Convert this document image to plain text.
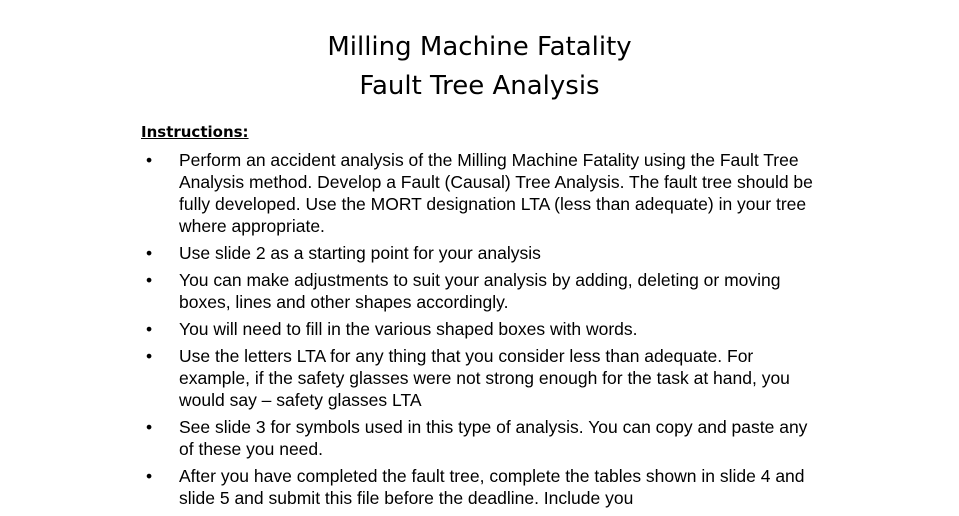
Milling Machine Fatality
Fault Tree Analysis
Instructions:
• Perform an accident analysis of the Milling Machine Fatality using the Fault Tree Analysis method. Develop a Fault (Causal) Tree Analysis. The fault tree should be fully developed. Use the MORT designation LTA (less than adequate) in your tree where appropriate.
• Use slide 2 as a starting point for your analysis
• You can make adjustments to suit your analysis by adding, deleting or moving boxes, lines and other shapes accordingly.
• You will need to fill in the various shaped boxes with words.
• Use the letters LTA for any thing that you consider less than adequate. For example, if the safety glasses were not strong enough for the task at hand, you would say – safety glasses LTA
• See slide 3 for symbols used in this type of analysis. You can copy and paste any of these you need.
• After you have completed the fault tree, complete the tables shown in slide 4 and slide 5 and submit this file before the deadline. Include you
